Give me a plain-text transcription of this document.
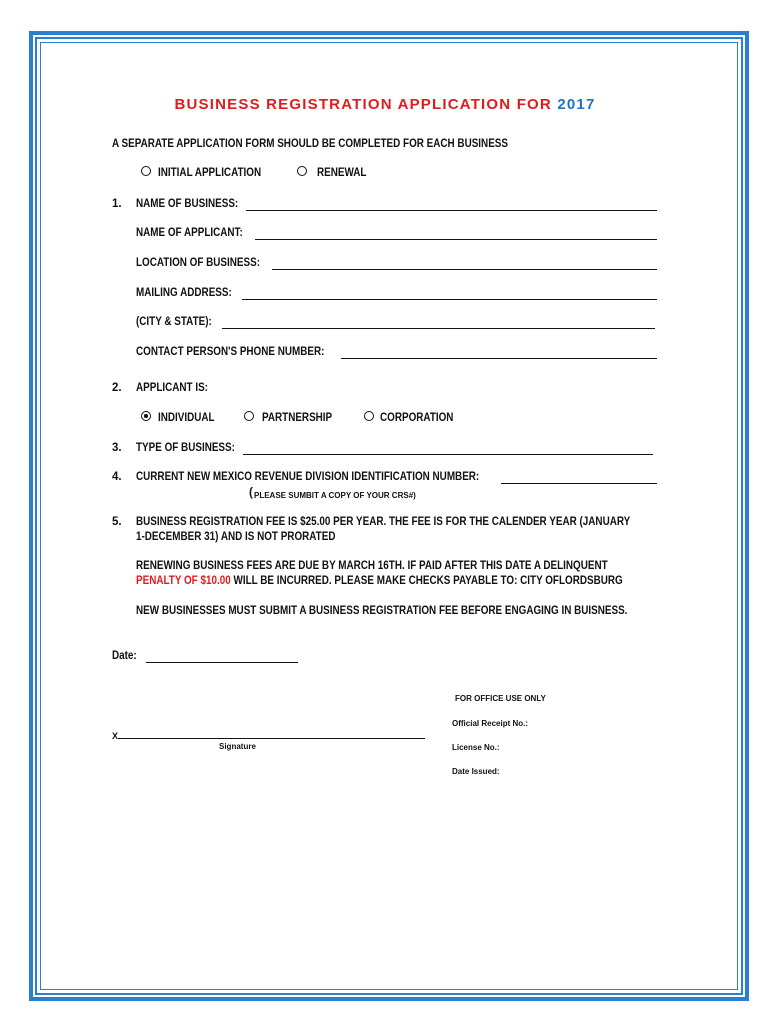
BUSINESS REGISTRATION APPLICATION FOR 2017
A SEPARATE APPLICATION FORM SHOULD BE COMPLETED FOR EACH BUSINESS
INITIAL APPLICATION	RENEWAL
1. NAME OF BUSINESS:
NAME OF APPLICANT:
LOCATION OF BUSINESS:
MAILING ADDRESS:
(CITY & STATE):
CONTACT PERSON'S PHONE NUMBER:
2. APPLICANT IS:
INDIVIDUAL	PARTNERSHIP	CORPORATION
3. TYPE OF BUSINESS:
4. CURRENT NEW MEXICO REVENUE DIVISION IDENTIFICATION NUMBER:
( PLEASE SUMBIT A COPY OF YOUR CRS#)
5. BUSINESS REGISTRATION FEE IS $25.00 PER YEAR. THE FEE IS FOR THE CALENDER YEAR (JANUARY
1-DECEMBER 31) AND IS NOT PRORATED
RENEWING BUSINESS FEES ARE DUE BY MARCH 16TH. IF PAID AFTER THIS DATE A DELINQUENT
PENALTY OF $10.00 WILL BE INCURRED. PLEASE MAKE CHECKS PAYABLE TO: CITY OFLORDSBURG
NEW BUSINESSES MUST SUBMIT A BUSINESS REGISTRATION FEE BEFORE ENGAGING IN BUISNESS.
Date:
X
Signature
FOR OFFICE USE ONLY
Official Receipt No.:
License No.:
Date Issued:
